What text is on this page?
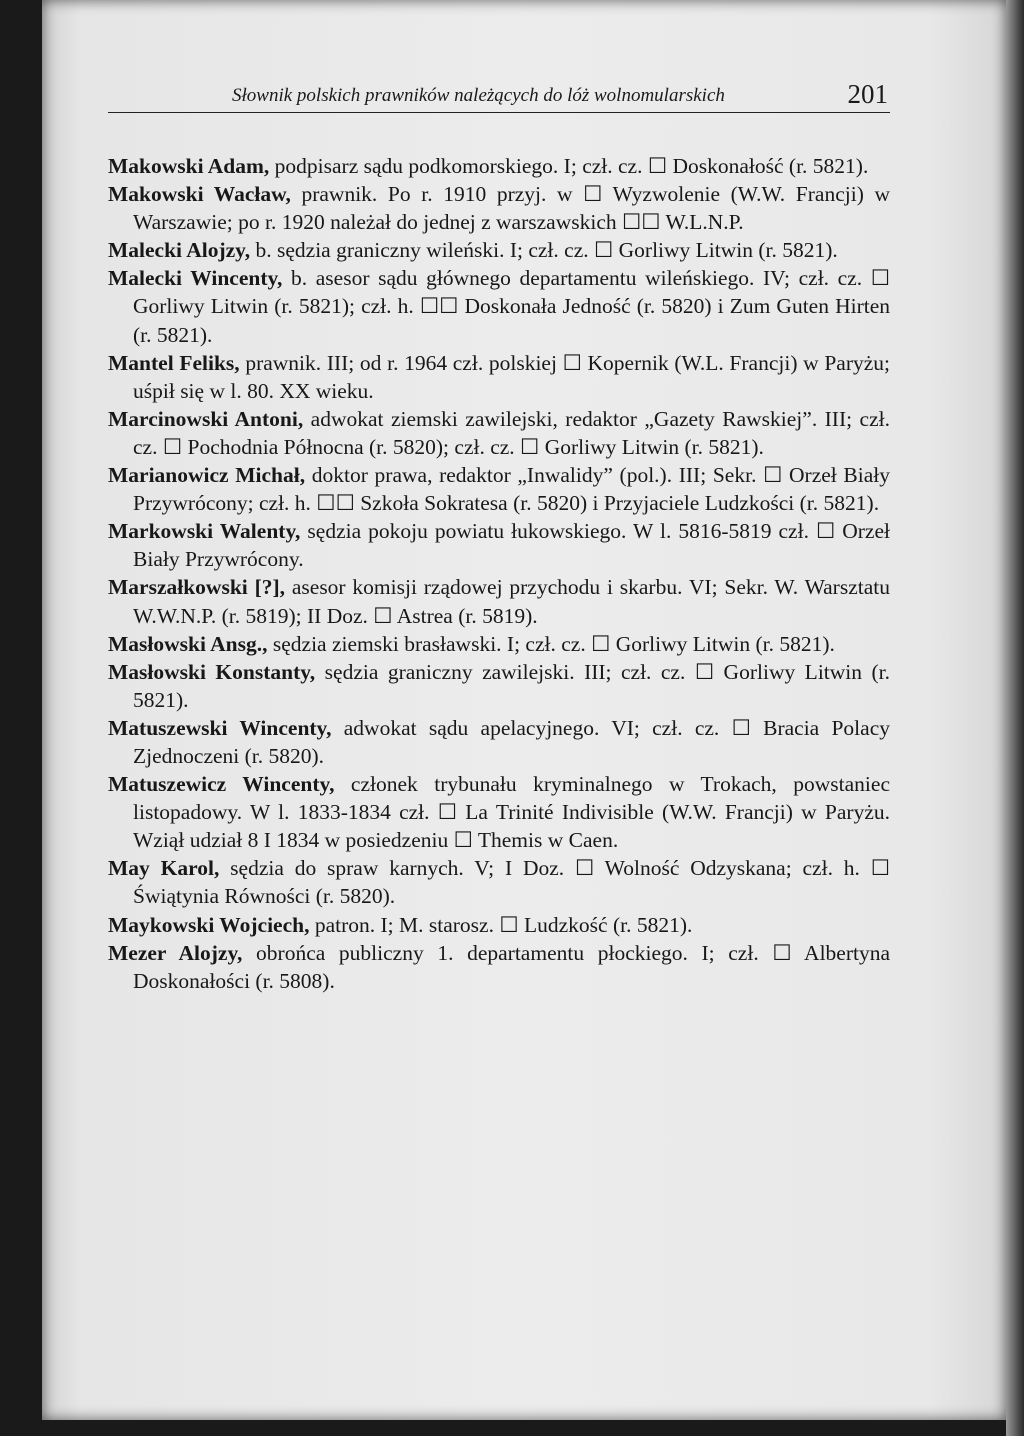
Słownik polskich prawników należących do lóż wolnomularskich	201

Makowski Adam, podpisarz sądu podkomorskiego. I; czł. cz. ☐ Doskonałość (r. 5821).

Makowski Wacław, prawnik. Po r. 1910 przyj. w ☐ Wyzwolenie (W.W. Francji) w Warszawie; po r. 1920 należał do jednej z warszawskich ☐☐ W.L.N.P.

Malecki Alojzy, b. sędzia graniczny wileński. I; czł. cz. ☐ Gorliwy Litwin (r. 5821).

Malecki Wincenty, b. asesor sądu głównego departamentu wileńskiego. IV; czł. cz. ☐ Gorliwy Litwin (r. 5821); czł. h. ☐☐ Doskonała Jedność (r. 5820) i Zum Guten Hirten (r. 5821).

Mantel Feliks, prawnik. III; od r. 1964 czł. polskiej ☐ Kopernik (W.L. Francji) w Paryżu; uśpił się w l. 80. XX wieku.

Marcinowski Antoni, adwokat ziemski zawilejski, redaktor „Gazety Rawskiej”. III; czł. cz. ☐ Pochodnia Północna (r. 5820); czł. cz. ☐ Gorliwy Litwin (r. 5821).

Marianowicz Michał, doktor prawa, redaktor „Inwalidy” (pol.). III; Sekr. ☐ Orzeł Biały Przywrócony; czł. h. ☐☐ Szkoła Sokratesa (r. 5820) i Przyjaciele Ludzkości (r. 5821).

Markowski Walenty, sędzia pokoju powiatu łukowskiego. W l. 5816-5819 czł. ☐ Orzeł Biały Przywrócony.

Marszałkowski [?], asesor komisji rządowej przychodu i skarbu. VI; Sekr. W. Warsztatu W.W.N.P. (r. 5819); II Doz. ☐ Astrea (r. 5819).

Masłowski Ansg., sędzia ziemski brasławski. I; czł. cz. ☐ Gorliwy Litwin (r. 5821).

Masłowski Konstanty, sędzia graniczny zawilejski. III; czł. cz. ☐ Gorliwy Litwin (r. 5821).

Matuszewski Wincenty, adwokat sądu apelacyjnego. VI; czł. cz. ☐ Bracia Polacy Zjednoczeni (r. 5820).

Matuszewicz Wincenty, członek trybunału kryminalnego w Trokach, powstaniec listopadowy. W l. 1833-1834 czł. ☐ La Trinité Indivisible (W.W. Francji) w Paryżu. Wziął udział 8 I 1834 w posiedzeniu ☐ Themis w Caen.

May Karol, sędzia do spraw karnych. V; I Doz. ☐ Wolność Odzyskana; czł. h. ☐ Świątynia Równości (r. 5820).

Maykowski Wojciech, patron. I; M. starosz. ☐ Ludzkość (r. 5821).

Mezer Alojzy, obrońca publiczny 1. departamentu płockiego. I; czł. ☐ Albertyna Doskonałości (r. 5808).
